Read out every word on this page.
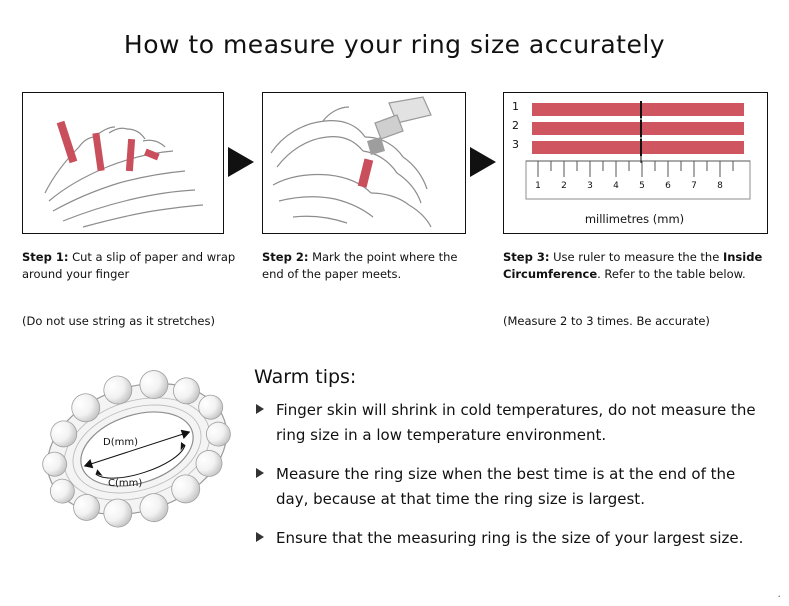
How to measure your ring size accurately
1 2 3 4 5 6 7 8
1
2
3
millimetres (mm)
Step 1: Cut a slip of paper and wrap around your finger
(Do not use string as it stretches)
Step 2: Mark the point where the end of the paper meets.
Step 3: Use ruler to measure the the Inside Circumference. Refer to the table below.
(Measure 2 to 3 times. Be accurate)
D(mm)
C(mm)
Warm tips:
Finger skin will shrink in cold temperatures, do not measure the ring size in a low temperature environment.
Measure the ring size when the best time is at the end of the day, because at that time the ring size is largest.
Ensure that the measuring ring is the size of your largest size.
.
